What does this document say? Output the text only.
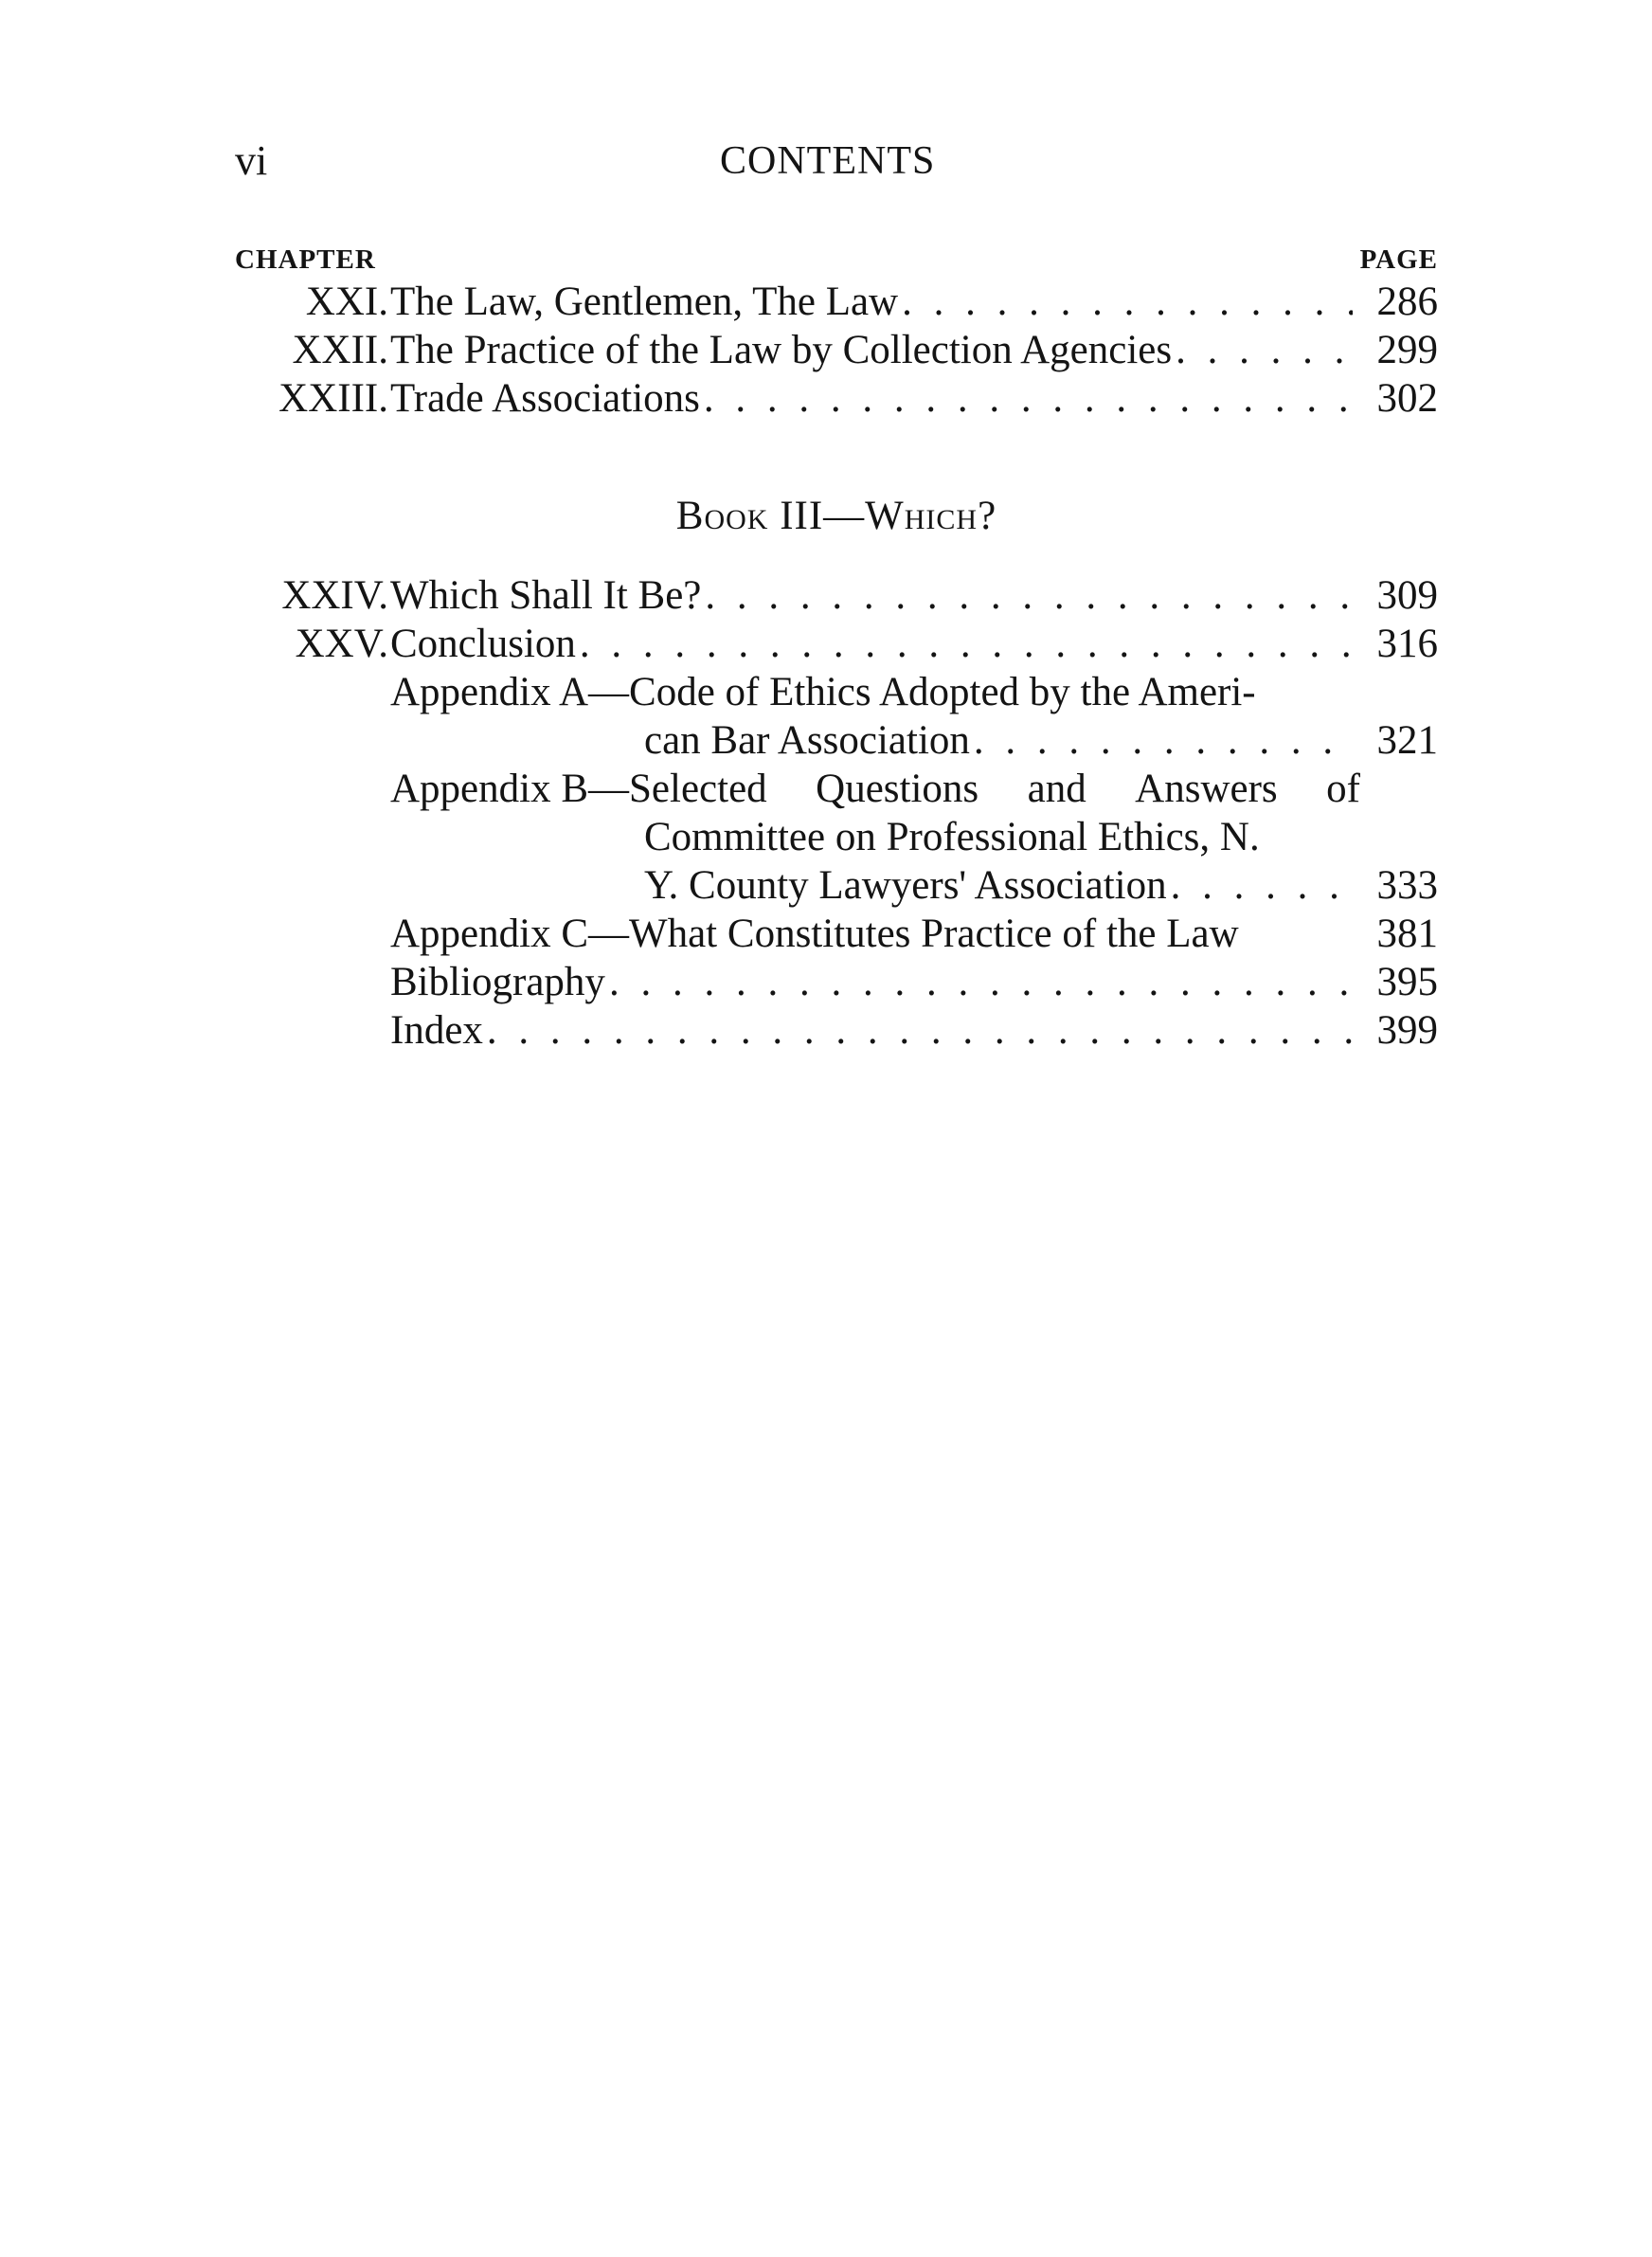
vi	CONTENTS
CHAPTER	PAGE
XXI. The Law, Gentlemen, The Law . . .	286
XXII. The Practice of the Law by Collection Agencies . . .	299
XXIII. Trade Associations . . .	302
Book III—Which?
XXIV. Which Shall It Be? . . .	309
XXV. Conclusion . . .	316
Appendix A—Code of Ethics Adopted by the Ameri-
can Bar Association . . .	321
Appendix B—Selected Questions and Answers of
Committee on Professional Ethics, N.
Y. County Lawyers' Association . . .	333
Appendix C—What Constitutes Practice of the Law	381
Bibliography . . .	395
Index . . .	399
